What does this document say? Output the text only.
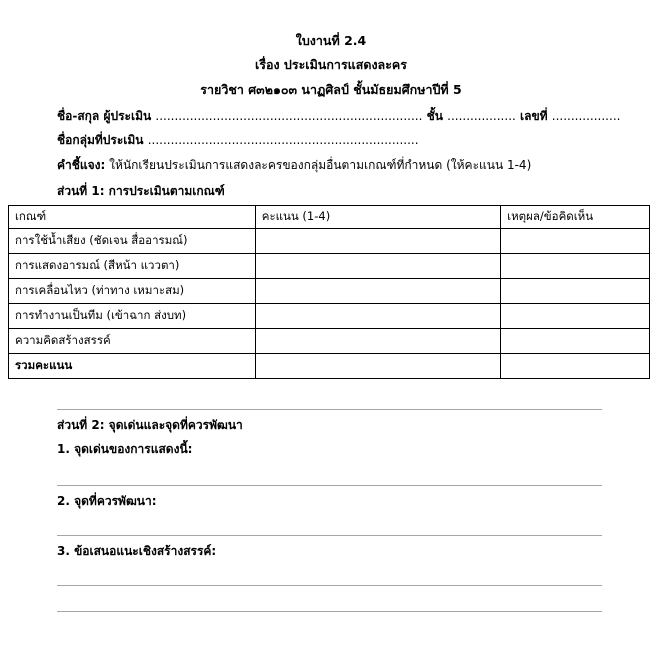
ใบงานที่ 2.4
เรื่อง ประเมินการแสดงละคร
รายวิชา ศ๓๒๑๐๓ นาฏศิลป์ ชั้นมัธยมศึกษาปีที่ 5
ชื่อ-สกุล ผู้ประเมิน ...................................................................... ชั้น .................. เลขที่ ..................
ชื่อกลุ่มที่ประเมิน .......................................................................
คำชี้แจง: ให้นักเรียนประเมินการแสดงละครของกลุ่มอื่นตามเกณฑ์ที่กำหนด (ให้คะแนน 1-4)
ส่วนที่ 1: การประเมินตามเกณฑ์
เกณฑ์	คะแนน (1-4)	เหตุผล/ข้อคิดเห็น
การใช้น้ำเสียง (ชัดเจน สื่ออารมณ์)		
การแสดงอารมณ์ (สีหน้า แววตา)		
การเคลื่อนไหว (ท่าทาง เหมาะสม)		
การทำงานเป็นทีม (เข้าฉาก ส่งบท)		
ความคิดสร้างสรรค์		
รวมคะแนน		
ส่วนที่ 2: จุดเด่นและจุดที่ควรพัฒนา
1. จุดเด่นของการแสดงนี้:
2. จุดที่ควรพัฒนา:
3. ข้อเสนอแนะเชิงสร้างสรรค์:
